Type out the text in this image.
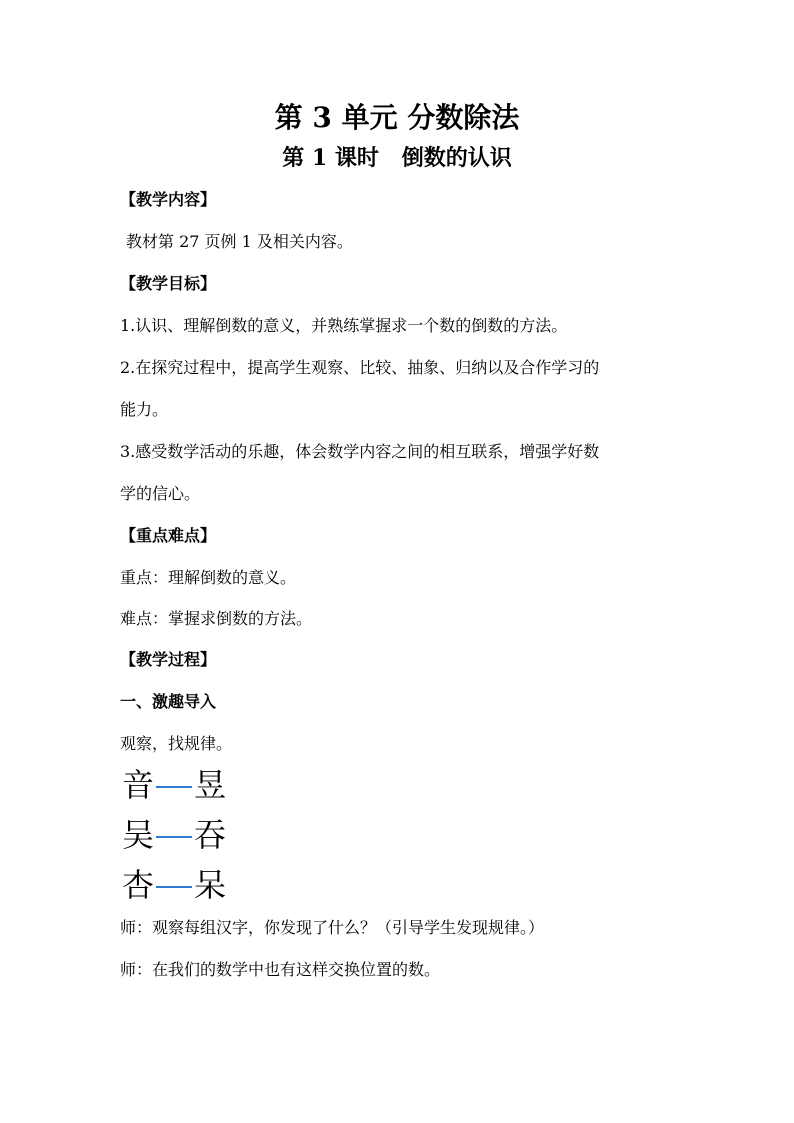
第 3 单元 分数除法
第 1 课时   倒数的认识

【教学内容】

教材第 27 页例 1 及相关内容。

【教学目标】

1.认识、理解倒数的意义，并熟练掌握求一个数的倒数的方法。

2.在探究过程中，提高学生观察、比较、抽象、归纳以及合作学习的

能力。

3.感受数学活动的乐趣，体会数学内容之间的相互联系，增强学好数

学的信心。

【重点难点】

重点：理解倒数的意义。

难点：掌握求倒数的方法。

【教学过程】

一、激趣导入

观察，找规律。

音 昱
吴 吞
杏 呆

师：观察每组汉字，你发现了什么？（引导学生发现规律。）

师：在我们的数学中也有这样交换位置的数。
